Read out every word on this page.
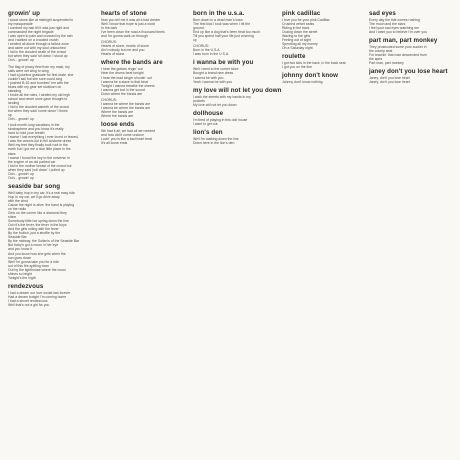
growin' up
I stood stone-like at midnight suspended in
my masquerade
I combed my hair till it was just right and
commanded the night brigade
I was open to pain and crossed by the rain
and I walked on a crooked crutch
I strolled all alone through a fallout zone
and came out with my soul untouched
I hid in the clouded wrath of the crowd
but when they said 'sit down' I stood up
Ooh... growin' up
The flag of piracy flew from my mast, my
sails were set wing to wing
I had a jukebox graduate for first mate, she
couldn't sail but she sure could sing
I pushed B-52 and bombed 'em with the
blues with my gear set stubborn on
standing
I broke all the rules, I strafed my old high
school and never once gave thought to
landing
I hid in the clouded warmth of the crowd
but when they said 'come down' I threw
up
Ooh... growin' up
I took month-long vacations in the
stratosphere and you know it's really
hard to hold your breath
I swear I lost everything I ever loved or feared,
I was the cosmic kid in full costume dress
Well my feet they finally took root in the
earth but I got me a nice little place in the
stars
I swear I found the key to the universe in
the engine of an old parked car
I hid in the mother breast of the crowd but
when they said 'pull down' I pulled up
Ooh... growin' up
Ooh... growin' up
seaside bar song
Well baby hop in my car, it's a real easy ride
Hop in my car, we'll go drive away
with the wind
Cause the night is alive, the band is playing
on the radio
Girls on the corner like a diamond they
shine
Somebody little hot spring down the line
Ooh it's the fever, the fever in the boys
And the girls rolling with the fever
By the foolish, just a shuffle by the
Seaside Bar
By the midway, the Sultan's of the Seaside Bar
But baby's got a moon in her eye
and you know it
And you know how she gets when the
sun goes down
Well I'm gonna take you for a ride
out of this fire-spitting town
Out by the lighthouse where the moon
shines so bright
Tonight's the night
rendezvous
I had a dream our love would last forever
Had a dream tonight I'm coming home
I had a secret rendezvous
Well that's not a girl for you
hearts of stone
Now you tell me it was all a bad dream
Well I know that hope is just a word
In the dark
I've been down the road a thousand times
and I'm gonna walk on through
CHORUS:
Hearts of stone, hearts of stone
Ain't nobody but me and you
Hearts of stone
where the bands are
I hear the guitars ringin' out
Hear the drums beat tonight
I hear the lead singer shoutin' out
I wanna be a slave to that beat
Tonight I wanna breathe the cheers
I wanna get lost in the sound
Down where the bands are
CHORUS:
I wanna be where the bands are
I wanna be where the bands are
Where the bands are
Where the bands are
loose ends
We had it all, we had all we needed
and how did it come undone
Lovin' you is like a bad heart beat
It's all loose ends
born in the u.s.a.
Born down in a dead man's town
The first kick I took was when I hit the
ground
End up like a dog that's been beat too much
Till you spend half your life just covering
up
CHORUS:
Born in the U.S.A.
I was born in the U.S.A.
i wanna be with you
Well I went to the corner store
Bought a brand new dress
I wanna be with you
Yeah I wanna be with you
my love will not let you down
I walk the streets with my hands in my
pockets
My love will not let you down
dollhouse
I'm tired of playing in this doll house
I want to get out
lion's den
Well I'm walking down the line
Down here in the lion's den
pink cadillac
I love you for your pink Cadillac
Crushed velvet seats
Riding in the back
Oozing down the street
Waving to the girls
Feeling out of sight
Spending all my money
On a Saturday night
roulette
I got two kids in the back, in the back seat
I got you on the line
johnny don't know
Johnny don't know nothing
sad eyes
Every day the tide comes rushing
The moon and the stars
I feel your sad eyes watching me
And I want you to believe I'm over you
part man, part monkey
They prosecuted some poor sucker in
the county seat
For teachin' that man descended from
the apes
Part man, part monkey
janey don't you lose heart
Janey, don't you lose heart
Janey, don't you lose heart
